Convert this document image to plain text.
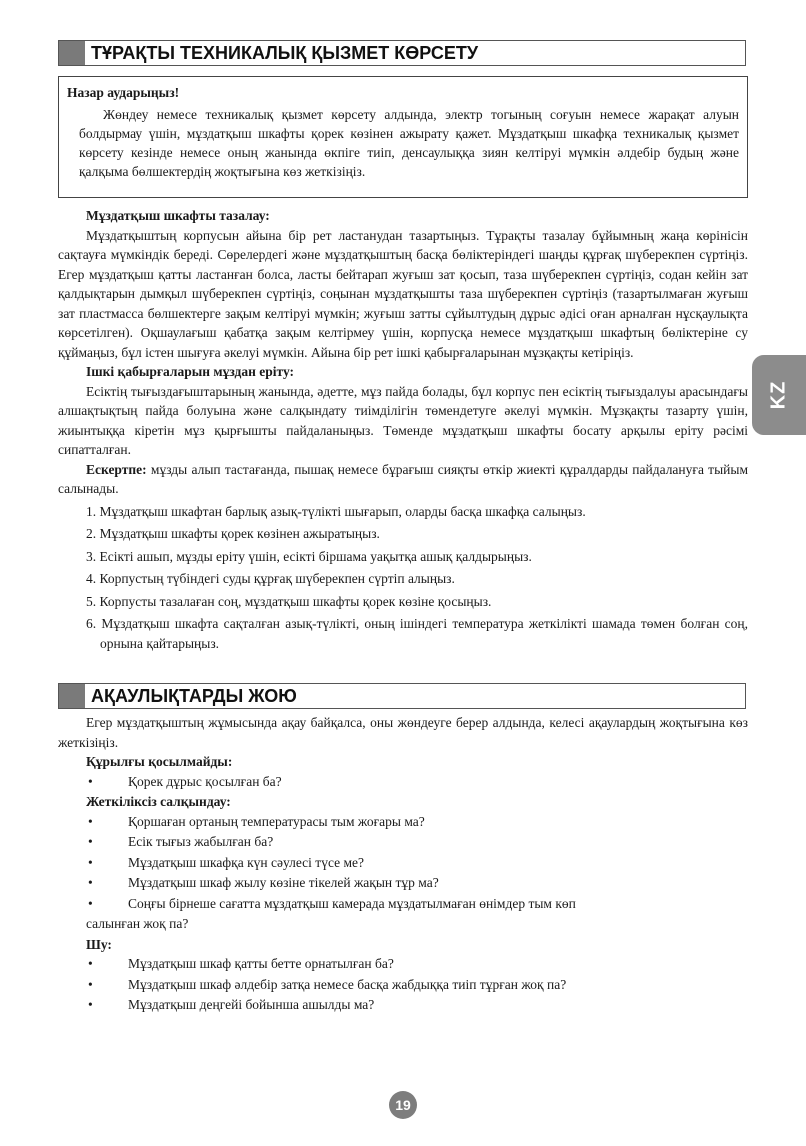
ТҰРАҚТЫ ТЕХНИКАЛЫҚ ҚЫЗМЕТ КӨРСЕТУ
Назар аударыңыз!
Жөндеу немесе техникалық қызмет көрсету алдында, электр тогының соғуын немесе жарақат алуын болдырмау үшін, мұздатқыш шкафты қорек көзінен ажырату қажет. Мұздатқыш шкафқа техникалық қызмет көрсету кезінде немесе оның жанында өкпіге тиіп, денсаулыққа зиян келтіруі мүмкін әлдебір будың және қалқыма бөлшектердің жоқтығына көз жеткізіңіз.

Мұздатқыш шкафты тазалау:

Мұздатқыштың корпусын айына бір рет ластанудан тазартыңыз. Тұрақты тазалау бұйымның жаңа көрінісін сақтауға мүмкіндік береді. Сөрелердегі және мұздатқыштың басқа бөліктеріндегі шаңды құрғақ шүберекпен сүртіңіз. Егер мұздатқыш қатты ластанған болса, ласты бейтарап жуғыш зат қосып, таза шүберекпен сүртіңіз, содан кейін зат қалдықтарын дымқыл шүберекпен сүртіңіз, соңынан мұздатқышты таза шүберекпен сүртіңіз (тазартылмаған жуғыш зат пластмасса бөлшектерге зақым келтіруі мүмкін; жуғыш затты сұйылтудың дұрыс әдісі оған арналған нұсқаулықта көрсетілген). Оқшаулағыш қабатқа зақым келтірмеу үшін, корпусқа немесе мұздатқыш шкафтың бөліктеріне су құймаңыз, бұл істен шығуға әкелуі мүмкін. Айына бір рет ішкі қабырғаларынан мұзқақты кетіріңіз.

Ішкі қабырғаларын мұздан еріту:

Есіктің тығыздағыштарының жанында, әдетте, мұз пайда болады, бұл корпус пен есіктің тығыздалуы арасындағы алшақтықтың пайда болуына және салқындату тиімділігін төмендетуге әкелуі мүмкін. Мұзқақты тазарту үшін, жиынтыққа кіретін мұз қырғышты пайдаланыңыз. Төменде мұздатқыш шкафты босату арқылы еріту рәсімі сипатталған.

Ескертпе: мұзды алып тастағанда, пышақ немесе бұрағыш сияқты өткір жиекті құралдарды пайдалануға тыйым салынады.

1. Мұздатқыш шкафтан барлық азық-түлікті шығарып, оларды басқа шкафқа салыңыз.
2. Мұздатқыш шкафты қорек көзінен ажыратыңыз.
3. Есікті ашып, мұзды еріту үшін, есікті біршама уақытқа ашық қалдырыңыз.
4. Корпустың түбіндегі суды құрғақ шүберекпен сүртіп алыңыз.
5. Корпусты тазалаған соң, мұздатқыш шкафты қорек көзіне қосыңыз.
6. Мұздатқыш шкафта сақталған азық-түлікті, оның ішіндегі температура жеткілікті шамада төмен болған соң, орнына қайтарыңыз.
АҚАУЛЫҚТАРДЫ ЖОЮ

Егер мұздатқыштың жұмысында ақау байқалса, оны жөндеуге берер алдында, келесі ақаулардың жоқтығына көз жеткізіңіз.

Құрылғы қосылмайды:

•	Қорек дұрыс қосылған ба?

Жеткіліксіз салқындау:

•	Қоршаған ортаның температурасы тым жоғары ма?
•	Есік тығыз жабылған ба?
•	Мұздатқыш шкафқа күн сәулесі түсе ме?
•	Мұздатқыш шкаф жылу көзіне тікелей жақын тұр ма?
•	Соңғы бірнеше сағатта мұздатқыш камерада мұздатылмаған өнімдер тым көп
салынған жоқ па?

Шу:

•	Мұздатқыш шкаф қатты бетте орнатылған ба?
•	Мұздатқыш шкаф әлдебір затқа немесе басқа жабдыққа тиіп тұрған жоқ па?
•	Мұздатқыш деңгейі бойынша ашылды ма?
KZ
19
